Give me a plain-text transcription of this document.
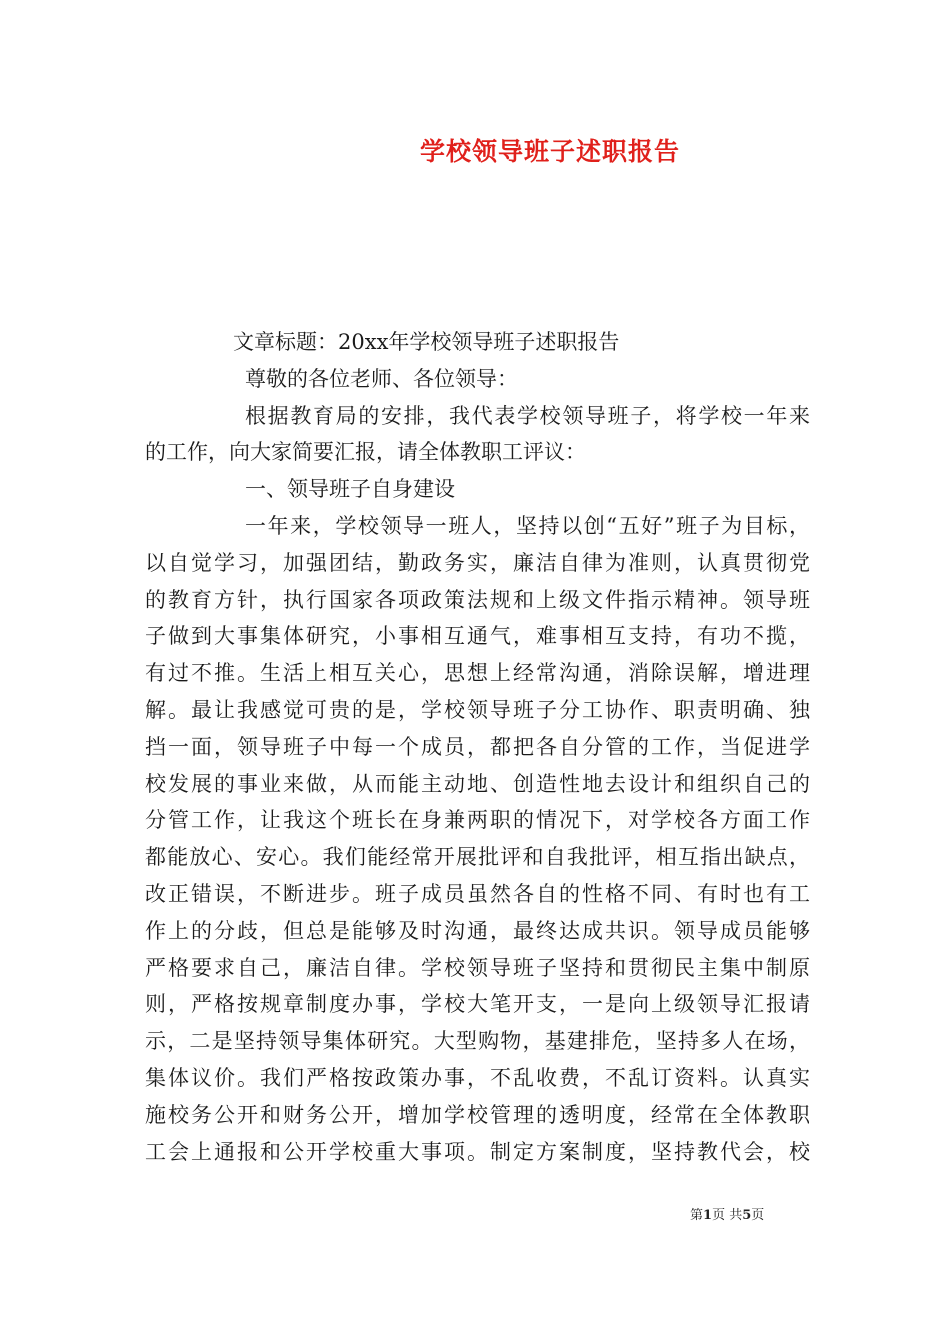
学校领导班子述职报告
文章标题：20xx年学校领导班子述职报告
尊敬的各位老师、各位领导：
根据教育局的安排，我代表学校领导班子，将学校一年来
的工作，向大家简要汇报，请全体教职工评议：
一、领导班子自身建设
一年来，学校领导一班人，坚持以创“五好”班子为目标，
以自觉学习，加强团结，勤政务实，廉洁自律为准则，认真贯彻党
的教育方针，执行国家各项政策法规和上级文件指示精神。领导班
子做到大事集体研究，小事相互通气，难事相互支持，有功不揽，
有过不推。生活上相互关心，思想上经常沟通，消除误解，增进理
解。最让我感觉可贵的是，学校领导班子分工协作、职责明确、独
挡一面，领导班子中每一个成员，都把各自分管的工作，当促进学
校发展的事业来做，从而能主动地、创造性地去设计和组织自己的
分管工作，让我这个班长在身兼两职的情况下，对学校各方面工作
都能放心、安心。我们能经常开展批评和自我批评，相互指出缺点，
改正错误，不断进步。班子成员虽然各自的性格不同、有时也有工
作上的分歧，但总是能够及时沟通，最终达成共识。领导成员能够
严格要求自己，廉洁自律。学校领导班子坚持和贯彻民主集中制原
则，严格按规章制度办事，学校大笔开支，一是向上级领导汇报请
示，二是坚持领导集体研究。大型购物，基建排危，坚持多人在场，
集体议价。我们严格按政策办事，不乱收费，不乱订资料。认真实
施校务公开和财务公开，增加学校管理的透明度，经常在全体教职
工会上通报和公开学校重大事项。制定方案制度，坚持教代会，校
第1页 共5页
